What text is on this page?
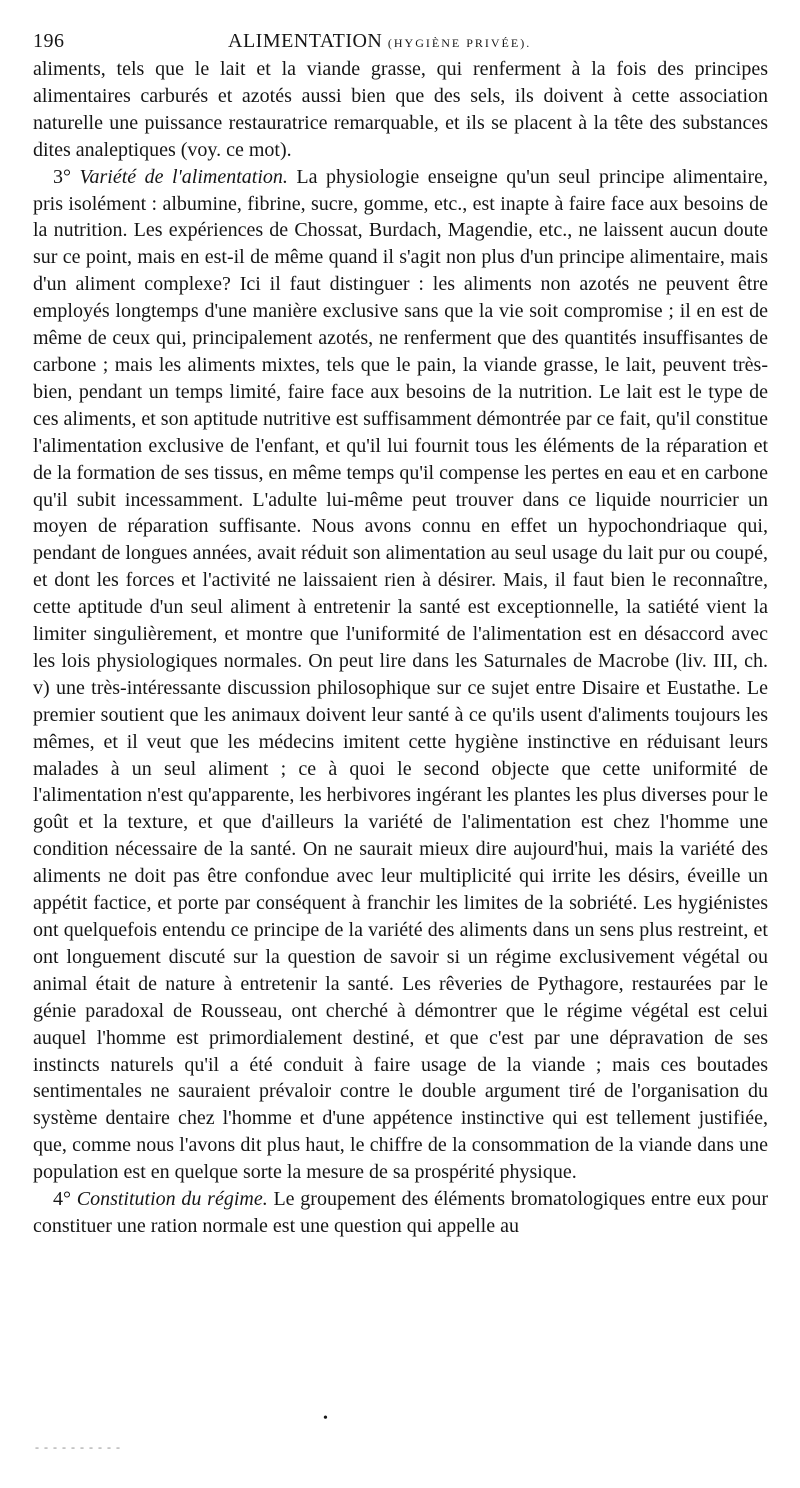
196	ALIMENTATION (HYGIÈNE PRIVÉE).

aliments, tels que le lait et la viande grasse, qui renferment à la fois des principes alimentaires carburés et azotés aussi bien que des sels, ils doivent à cette association naturelle une puissance restauratrice remarquable, et ils se placent à la tête des substances dites analeptiques (voy. ce mot).

3° Variété de l'alimentation. La physiologie enseigne qu'un seul principe alimentaire, pris isolément : albumine, fibrine, sucre, gomme, etc., est inapte à faire face aux besoins de la nutrition. Les expériences de Chossat, Burdach, Magendie, etc., ne laissent aucun doute sur ce point, mais en est-il de même quand il s'agit non plus d'un principe alimentaire, mais d'un aliment complexe? Ici il faut distinguer : les aliments non azotés ne peuvent être employés longtemps d'une manière exclusive sans que la vie soit compromise ; il en est de même de ceux qui, principalement azotés, ne renferment que des quantités insuffisantes de carbone ; mais les aliments mixtes, tels que le pain, la viande grasse, le lait, peuvent très-bien, pendant un temps limité, faire face aux besoins de la nutrition. Le lait est le type de ces aliments, et son aptitude nutritive est suffisamment démontrée par ce fait, qu'il constitue l'alimentation exclusive de l'enfant, et qu'il lui fournit tous les éléments de la réparation et de la formation de ses tissus, en même temps qu'il compense les pertes en eau et en carbone qu'il subit incessamment. L'adulte lui-même peut trouver dans ce liquide nourricier un moyen de réparation suffisante. Nous avons connu en effet un hypochondriaque qui, pendant de longues années, avait réduit son alimentation au seul usage du lait pur ou coupé, et dont les forces et l'activité ne laissaient rien à désirer. Mais, il faut bien le reconnaître, cette aptitude d'un seul aliment à entretenir la santé est exceptionnelle, la satiété vient la limiter singulièrement, et montre que l'uniformité de l'alimentation est en désaccord avec les lois physiologiques normales. On peut lire dans les Saturnales de Macrobe (liv. III, ch. v) une très-intéressante discussion philosophique sur ce sujet entre Disaire et Eustathe. Le premier soutient que les animaux doivent leur santé à ce qu'ils usent d'aliments toujours les mêmes, et il veut que les médecins imitent cette hygiène instinctive en réduisant leurs malades à un seul aliment ; ce à quoi le second objecte que cette uniformité de l'alimentation n'est qu'apparente, les herbivores ingérant les plantes les plus diverses pour le goût et la texture, et que d'ailleurs la variété de l'alimentation est chez l'homme une condition nécessaire de la santé. On ne saurait mieux dire aujourd'hui, mais la variété des aliments ne doit pas être confondue avec leur multiplicité qui irrite les désirs, éveille un appétit factice, et porte par conséquent à franchir les limites de la sobriété. Les hygiénistes ont quelquefois entendu ce principe de la variété des aliments dans un sens plus restreint, et ont longuement discuté sur la question de savoir si un régime exclusivement végétal ou animal était de nature à entretenir la santé. Les rêveries de Pythagore, restaurées par le génie paradoxal de Rousseau, ont cherché à démontrer que le régime végétal est celui auquel l'homme est primordialement destiné, et que c'est par une dépravation de ses instincts naturels qu'il a été conduit à faire usage de la viande ; mais ces boutades sentimentales ne sauraient prévaloir contre le double argument tiré de l'organisation du système dentaire chez l'homme et d'une appétence instinctive qui est tellement justifiée, que, comme nous l'avons dit plus haut, le chiffre de la consommation de la viande dans une population est en quelque sorte la mesure de sa prospérité physique.

4° Constitution du régime. Le groupement des éléments bromatologiques entre eux pour constituer une ration normale est une question qui appelle au

•
- - - - - - - - - -
